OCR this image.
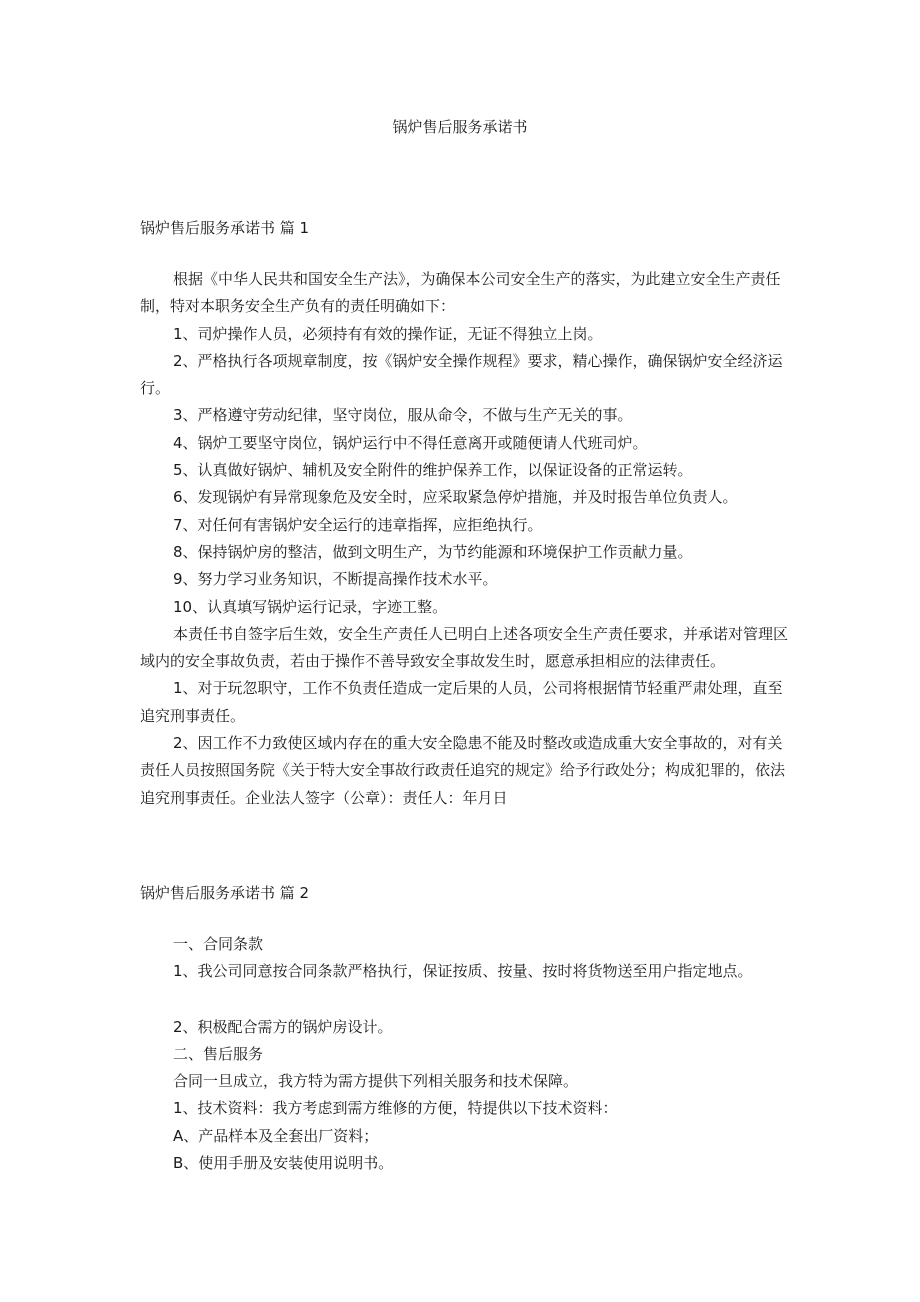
锅炉售后服务承诺书
锅炉售后服务承诺书 篇 1

根据《中华人民共和国安全生产法》，为确保本公司安全生产的落实，为此建立安全生产责任制，特对本职务安全生产负有的责任明确如下：

1、司炉操作人员，必须持有有效的操作证，无证不得独立上岗。

2、严格执行各项规章制度，按《锅炉安全操作规程》要求，精心操作，确保锅炉安全经济运行。

3、严格遵守劳动纪律，坚守岗位，服从命令，不做与生产无关的事。

4、锅炉工要坚守岗位，锅炉运行中不得任意离开或随便请人代班司炉。

5、认真做好锅炉、辅机及安全附件的维护保养工作，以保证设备的正常运转。

6、发现锅炉有异常现象危及安全时，应采取紧急停炉措施，并及时报告单位负责人。

7、对任何有害锅炉安全运行的违章指挥，应拒绝执行。

8、保持锅炉房的整洁，做到文明生产，为节约能源和环境保护工作贡献力量。

9、努力学习业务知识，不断提高操作技术水平。

10、认真填写锅炉运行记录，字迹工整。

本责任书自签字后生效，安全生产责任人已明白上述各项安全生产责任要求，并承诺对管理区域内的安全事故负责，若由于操作不善导致安全事故发生时，愿意承担相应的法律责任。

1、对于玩忽职守，工作不负责任造成一定后果的人员，公司将根据情节轻重严肃处理，直至追究刑事责任。

2、因工作不力致使区域内存在的重大安全隐患不能及时整改或造成重大安全事故的，对有关责任人员按照国务院《关于特大安全事故行政责任追究的规定》给予行政处分；构成犯罪的，依法追究刑事责任。企业法人签字（公章）：责任人：年月日

锅炉售后服务承诺书 篇 2

一、合同条款

1、我公司同意按合同条款严格执行，保证按质、按量、按时将货物送至用户指定地点。

2、积极配合需方的锅炉房设计。

二、售后服务

合同一旦成立，我方特为需方提供下列相关服务和技术保障。

1、技术资料：我方考虑到需方维修的方便，特提供以下技术资料：

A、产品样本及全套出厂资料；

B、使用手册及安装使用说明书。
